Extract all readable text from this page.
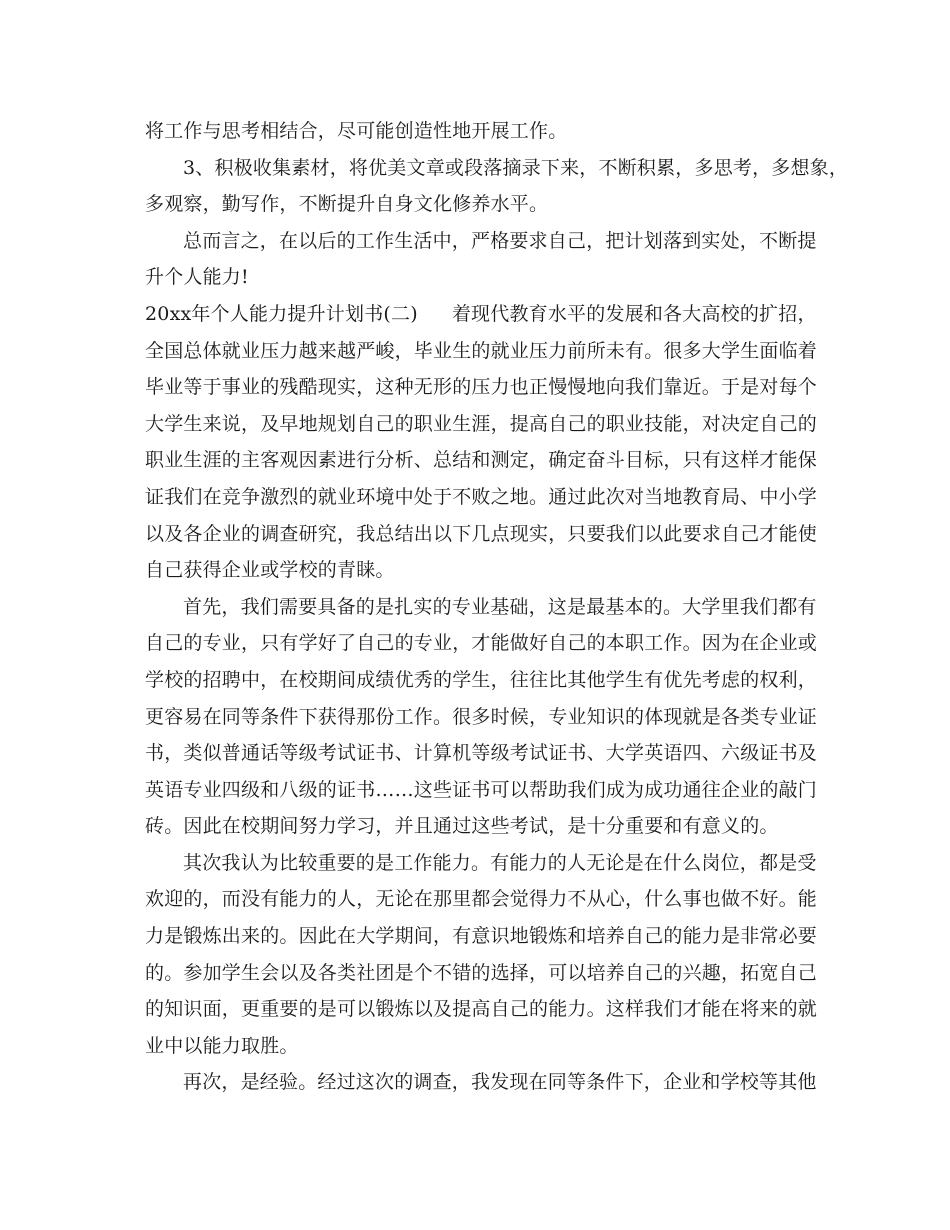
将工作与思考相结合，尽可能创造性地开展工作。
3、积极收集素材，将优美文章或段落摘录下来，不断积累，多思考，多想象，
多观察，勤写作，不断提升自身文化修养水平。
总而言之，在以后的工作生活中，严格要求自己，把计划落到实处，不断提
升个人能力!
20xx年个人能力提升计划书(二) 着现代教育水平的发展和各大高校的扩招，
全国总体就业压力越来越严峻，毕业生的就业压力前所未有。很多大学生面临着
毕业等于事业的残酷现实，这种无形的压力也正慢慢地向我们靠近。于是对每个
大学生来说，及早地规划自己的职业生涯，提高自己的职业技能，对决定自己的
职业生涯的主客观因素进行分析、总结和测定，确定奋斗目标，只有这样才能保
证我们在竞争激烈的就业环境中处于不败之地。通过此次对当地教育局、中小学
以及各企业的调查研究，我总结出以下几点现实，只要我们以此要求自己才能使
自己获得企业或学校的青睐。
首先，我们需要具备的是扎实的专业基础，这是最基本的。大学里我们都有
自己的专业，只有学好了自己的专业，才能做好自己的本职工作。因为在企业或
学校的招聘中，在校期间成绩优秀的学生，往往比其他学生有优先考虑的权利，
更容易在同等条件下获得那份工作。很多时候，专业知识的体现就是各类专业证
书，类似普通话等级考试证书、计算机等级考试证书、大学英语四、六级证书及
英语专业四级和八级的证书……这些证书可以帮助我们成为成功通往企业的敲门
砖。因此在校期间努力学习，并且通过这些考试，是十分重要和有意义的。
其次我认为比较重要的是工作能力。有能力的人无论是在什么岗位，都是受
欢迎的，而没有能力的人，无论在那里都会觉得力不从心，什么事也做不好。能
力是锻炼出来的。因此在大学期间，有意识地锻炼和培养自己的能力是非常必要
的。参加学生会以及各类社团是个不错的选择，可以培养自己的兴趣，拓宽自己
的知识面，更重要的是可以锻炼以及提高自己的能力。这样我们才能在将来的就
业中以能力取胜。
再次，是经验。经过这次的调查，我发现在同等条件下，企业和学校等其他
